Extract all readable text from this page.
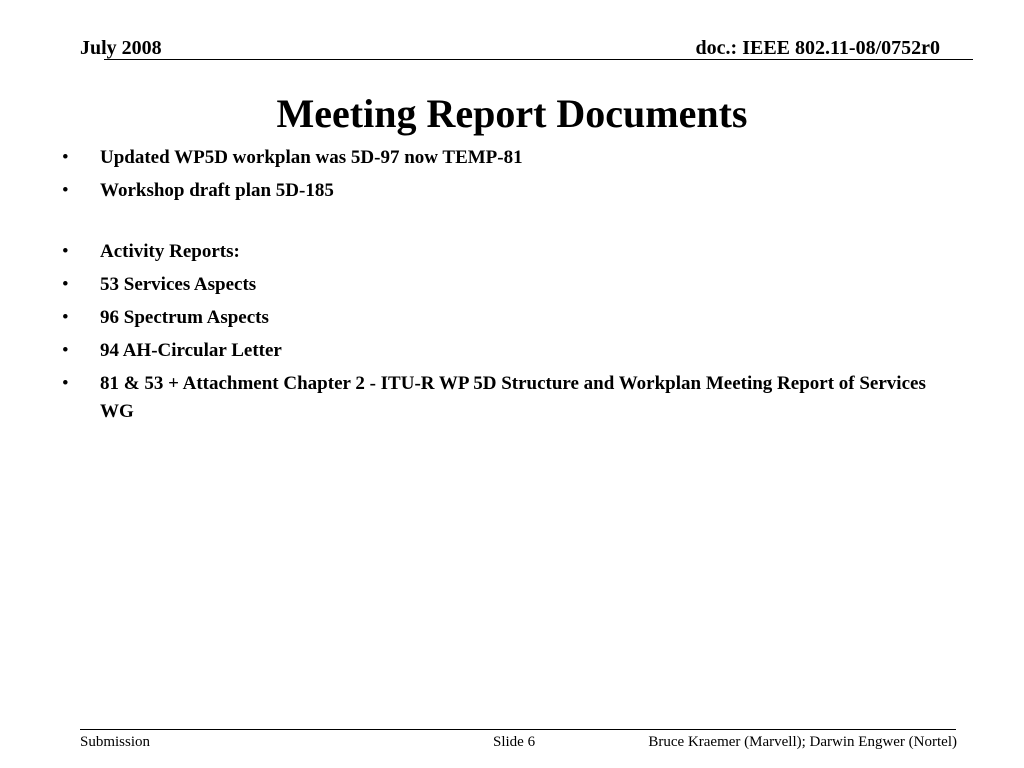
July 2008	doc.: IEEE 802.11-08/0752r0
Meeting Report Documents
• Updated WP5D workplan was 5D-97 now TEMP-81
• Workshop draft plan 5D-185
• Activity Reports:
• 53 Services Aspects
• 96 Spectrum Aspects
• 94 AH-Circular Letter
• 81 & 53 + Attachment Chapter 2 - ITU-R WP 5D Structure and Workplan Meeting Report of Services WG
Submission	Slide 6	Bruce Kraemer (Marvell); Darwin Engwer (Nortel)
